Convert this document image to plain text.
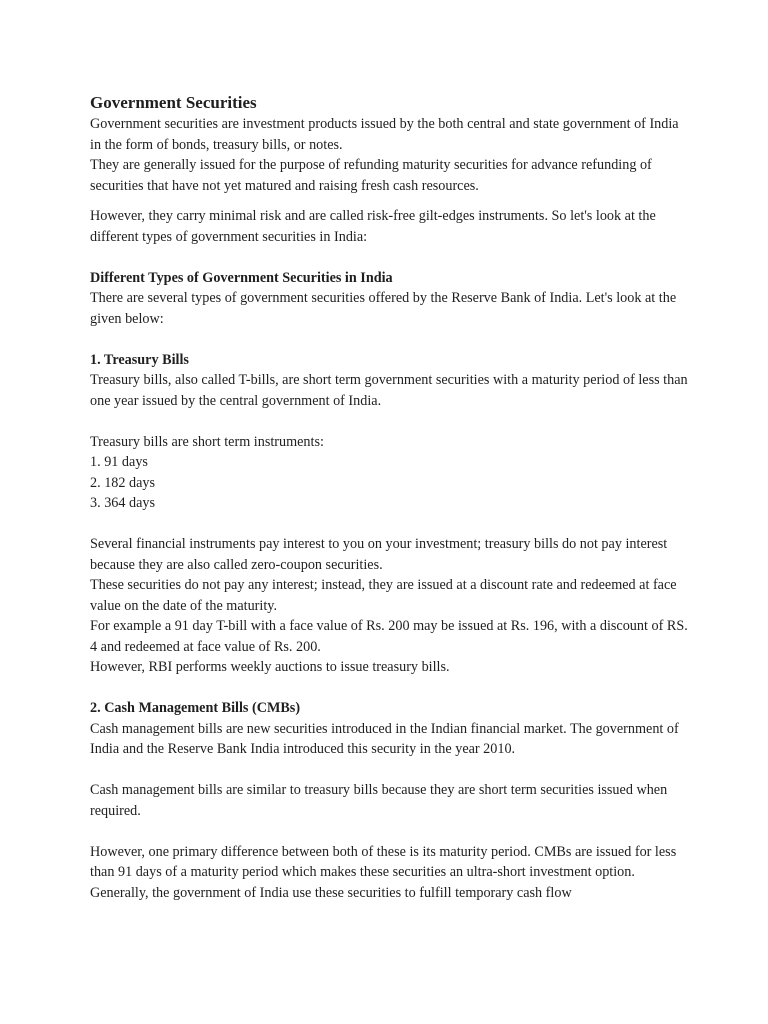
Government Securities

Government securities are investment products issued by the both central and state government of India in the form of bonds, treasury bills, or notes.

They are generally issued for the purpose of refunding maturity securities for advance refunding of securities that have not yet matured and raising fresh cash resources.

However, they carry minimal risk and are called risk-free gilt-edges instruments. So let's look at the different types of government securities in India:

Different Types of Government Securities in India

There are several types of government securities offered by the Reserve Bank of India. Let's look at the given below:

1. Treasury Bills

Treasury bills, also called T-bills, are short term government securities with a maturity period of less than one year issued by the central government of India.

Treasury bills are short term instruments:

1. 91 days

2. 182 days

3. 364 days

Several financial instruments pay interest to you on your investment; treasury bills do not pay interest because they are also called zero-coupon securities.

These securities do not pay any interest; instead, they are issued at a discount rate and redeemed at face value on the date of the maturity.

For example a 91 day T-bill with a face value of Rs. 200 may be issued at Rs. 196, with a discount of RS. 4 and redeemed at face value of Rs. 200.

However, RBI performs weekly auctions to issue treasury bills.

2. Cash Management Bills (CMBs)

Cash management bills are new securities introduced in the Indian financial market. The government of India and the Reserve Bank India introduced this security in the year 2010.

Cash management bills are similar to treasury bills because they are short term securities issued when required.

However, one primary difference between both of these is its maturity period. CMBs are issued for less than 91 days of a maturity period which makes these securities an ultra-short investment option.

Generally, the government of India use these securities to fulfill temporary cash flow
